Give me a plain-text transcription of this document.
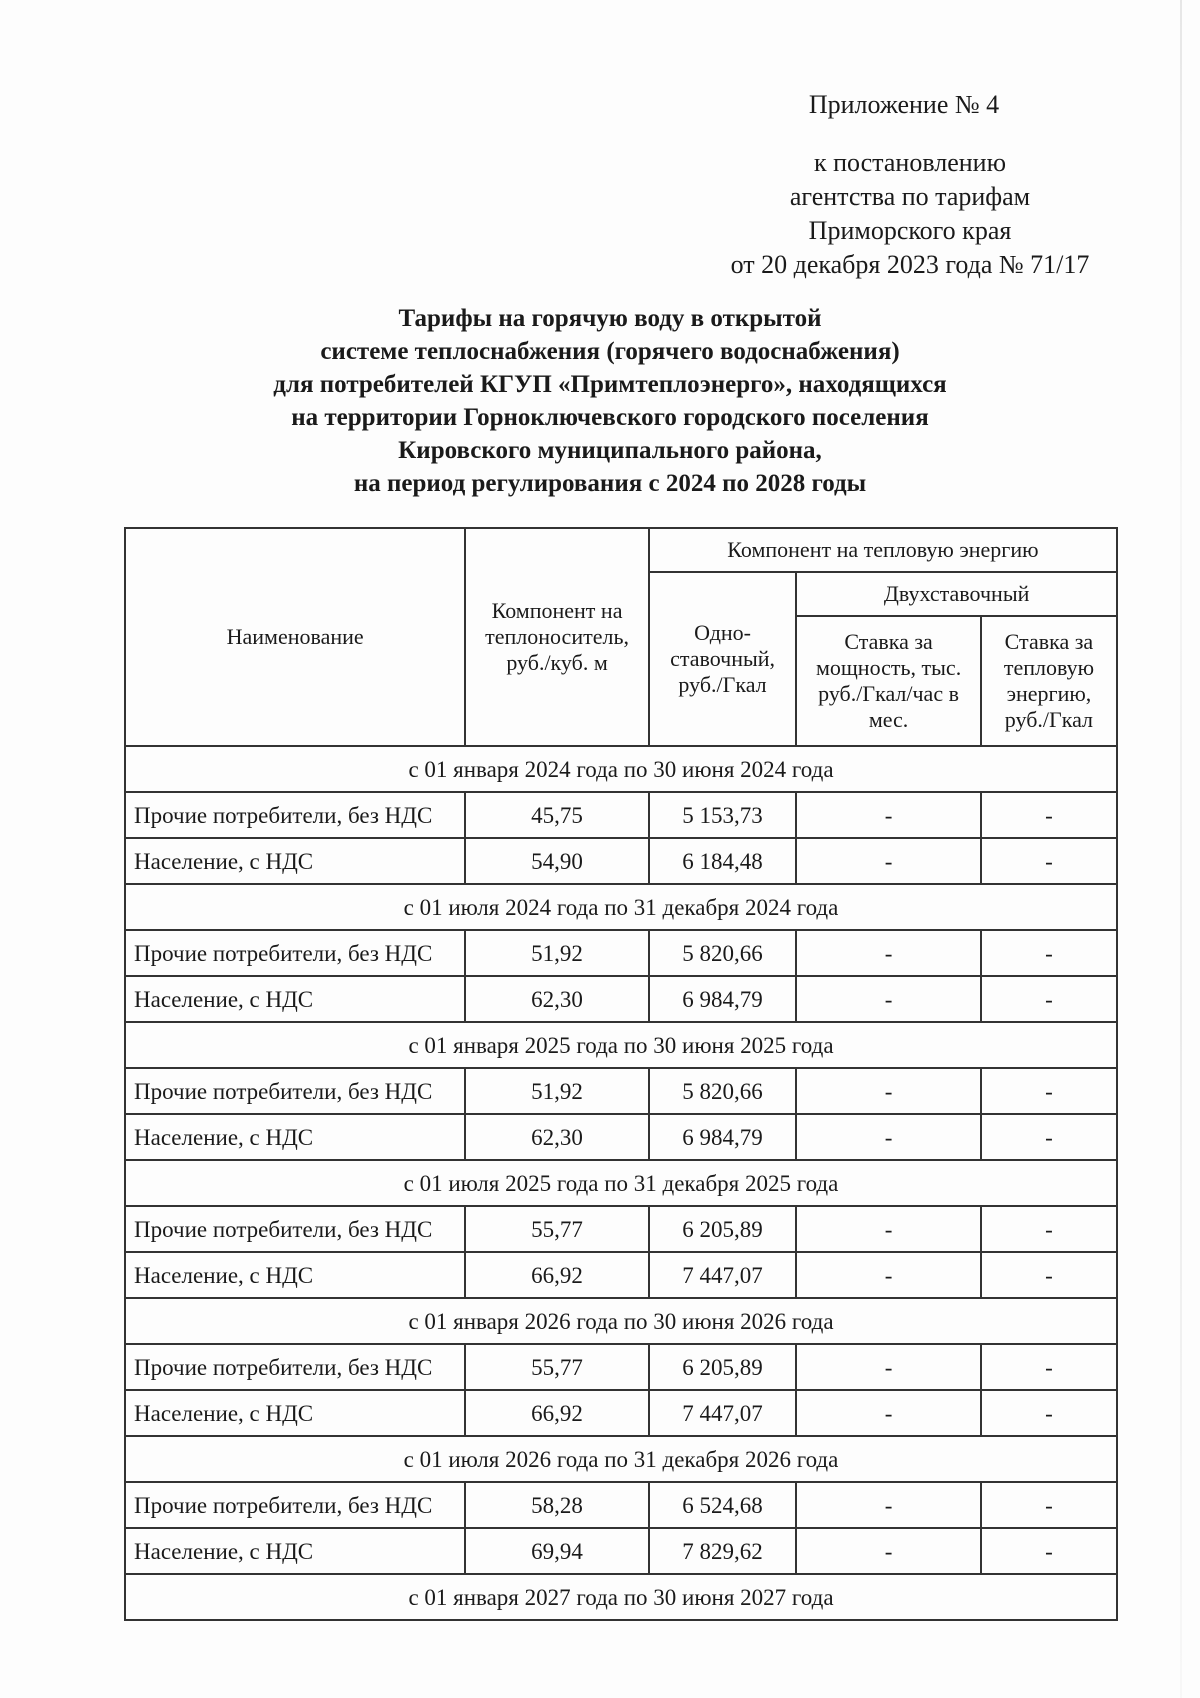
Приложение № 4
к постановлению
агентства по тарифам
Приморского края
от 20 декабря 2023 года № 71/17
Тарифы на горячую воду в открытой
системе теплоснабжения (горячего водоснабжения)
для потребителей КГУП «Примтеплоэнерго», находящихся
на территории Горноключевского городского поселения
Кировского муниципального района,
на период регулирования с 2024 по 2028 годы
Наименование	Компонент на теплоноситель, руб./куб. м	Компонент на тепловую энергию		
		Одно-ставочный, руб./Гкал	Двухставочный	
			Ставка за мощность, тыс. руб./Гкал/час в мес.	Ставка за тепловую энергию, руб./Гкал
с 01 января 2024 года по 30 июня 2024 года				
Прочие потребители, без НДС	45,75	5 153,73	-	-
Население, с НДС	54,90	6 184,48	-	-
с 01 июля 2024 года по 31 декабря 2024 года				
Прочие потребители, без НДС	51,92	5 820,66	-	-
Население, с НДС	62,30	6 984,79	-	-
с 01 января 2025 года по 30 июня 2025 года				
Прочие потребители, без НДС	51,92	5 820,66	-	-
Население, с НДС	62,30	6 984,79	-	-
с 01 июля 2025 года по 31 декабря 2025 года				
Прочие потребители, без НДС	55,77	6 205,89	-	-
Население, с НДС	66,92	7 447,07	-	-
с 01 января 2026 года по 30 июня 2026 года				
Прочие потребители, без НДС	55,77	6 205,89	-	-
Население, с НДС	66,92	7 447,07	-	-
с 01 июля 2026 года по 31 декабря 2026 года				
Прочие потребители, без НДС	58,28	6 524,68	-	-
Население, с НДС	69,94	7 829,62	-	-
с 01 января 2027 года по 30 июня 2027 года				
